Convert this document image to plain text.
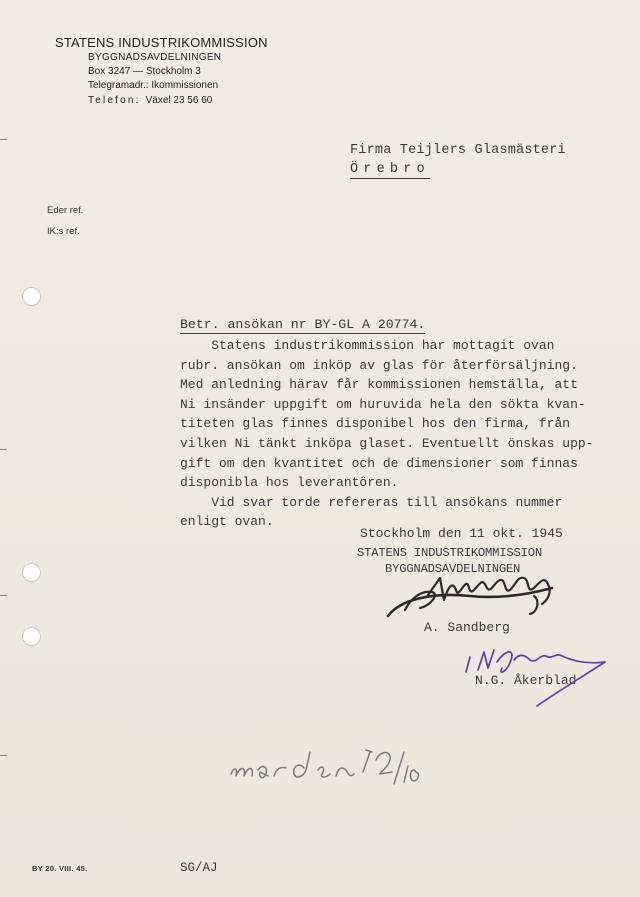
STATENS INDUSTRIKOMMISSION
BYGGNADSAVDELNINGEN
Box 3247 — Stockholm 3
Telegramadr.: Ikommissionen
Telefon: Växel 23 56 60
Firma Teijlers Glasmästeri
Örebro
Eder ref.
IK:s ref.
Betr. ansökan nr BY-GL A 20774.
Statens industrikommission har mottagit ovan
rubr. ansökan om inköp av glas för återförsäljning.
Med anledning härav får kommissionen hemställa, att
Ni insänder uppgift om huruvida hela den sökta kvan-
titeten glas finnes disponibel hos den firma, från
vilken Ni tänkt inköpa glaset. Eventuellt önskas upp-
gift om den kvantitet och de dimensioner som finnas
disponibla hos leverantören.
Vid svar torde refereras till ansökans nummer
enligt ovan.
Stockholm den 11 okt. 1945
STATENS INDUSTRIKOMMISSION
BYGGNADSAVDELNINGEN
A. Sandberg
N.G. Åkerblad
BY 20. VIII. 45.	SG/AJ
